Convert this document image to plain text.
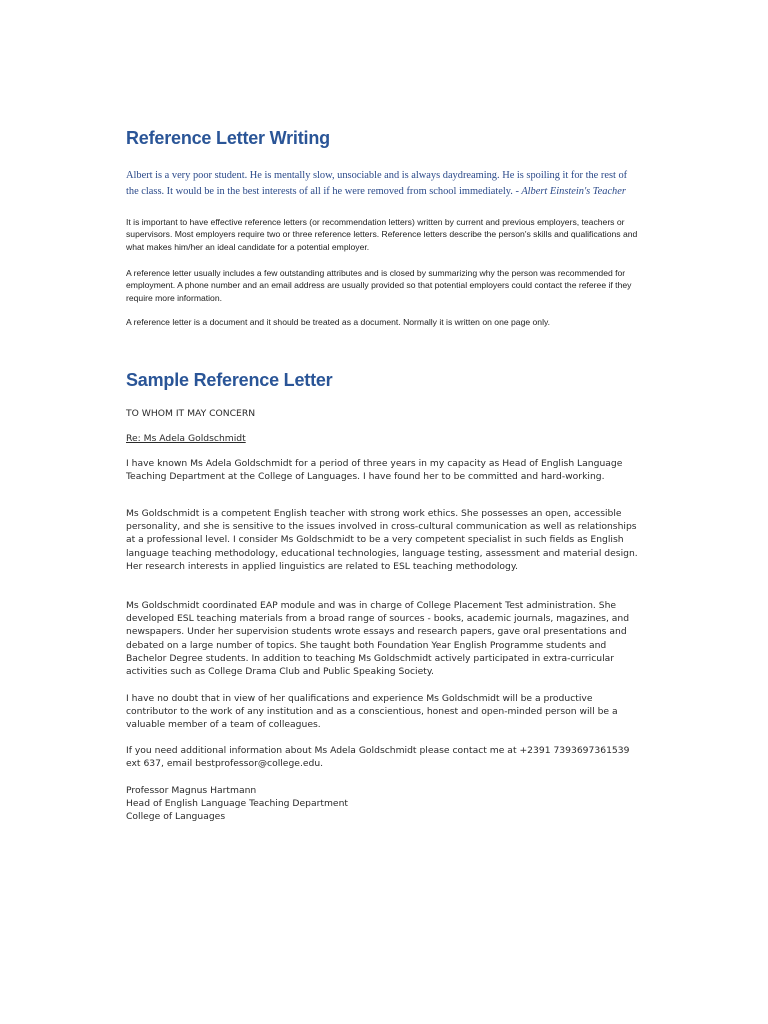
Reference Letter Writing

Albert is a very poor student. He is mentally slow, unsociable and is always daydreaming. He is spoiling it for the rest of the class. It would be in the best interests of all if he were removed from school immediately. - Albert Einstein's Teacher

It is important to have effective reference letters (or recommendation letters) written by current and previous employers, teachers or supervisors. Most employers require two or three reference letters. Reference letters describe the person's skills and qualifications and what makes him/her an ideal candidate for a potential employer.

A reference letter usually includes a few outstanding attributes and is closed by summarizing why the person was recommended for employment. A phone number and an email address are usually provided so that potential employers could contact the referee if they require more information.

A reference letter is a document and it should be treated as a document. Normally it is written on one page only.

Sample Reference Letter

TO WHOM IT MAY CONCERN

Re: Ms Adela Goldschmidt

I have known Ms Adela Goldschmidt for a period of three years in my capacity as Head of English Language Teaching Department at the College of Languages. I have found her to be committed and hard-working.

Ms Goldschmidt is a competent English teacher with strong work ethics. She possesses an open, accessible personality, and she is sensitive to the issues involved in cross-cultural communication as well as relationships at a professional level. I consider Ms Goldschmidt to be a very competent specialist in such fields as English language teaching methodology, educational technologies, language testing, assessment and material design. Her research interests in applied linguistics are related to ESL teaching methodology.

Ms Goldschmidt coordinated EAP module and was in charge of College Placement Test administration. She developed ESL teaching materials from a broad range of sources - books, academic journals, magazines, and newspapers. Under her supervision students wrote essays and research papers, gave oral presentations and debated on a large number of topics. She taught both Foundation Year English Programme students and Bachelor Degree students. In addition to teaching Ms Goldschmidt actively participated in extra-curricular activities such as College Drama Club and Public Speaking Society.

I have no doubt that in view of her qualifications and experience Ms Goldschmidt will be a productive contributor to the work of any institution and as a conscientious, honest and open-minded person will be a valuable member of a team of colleagues.

If you need additional information about Ms Adela Goldschmidt please contact me at +2391 7393697361539 ext 637, email bestprofessor@college.edu.

Professor Magnus Hartmann
Head of English Language Teaching Department
College of Languages
